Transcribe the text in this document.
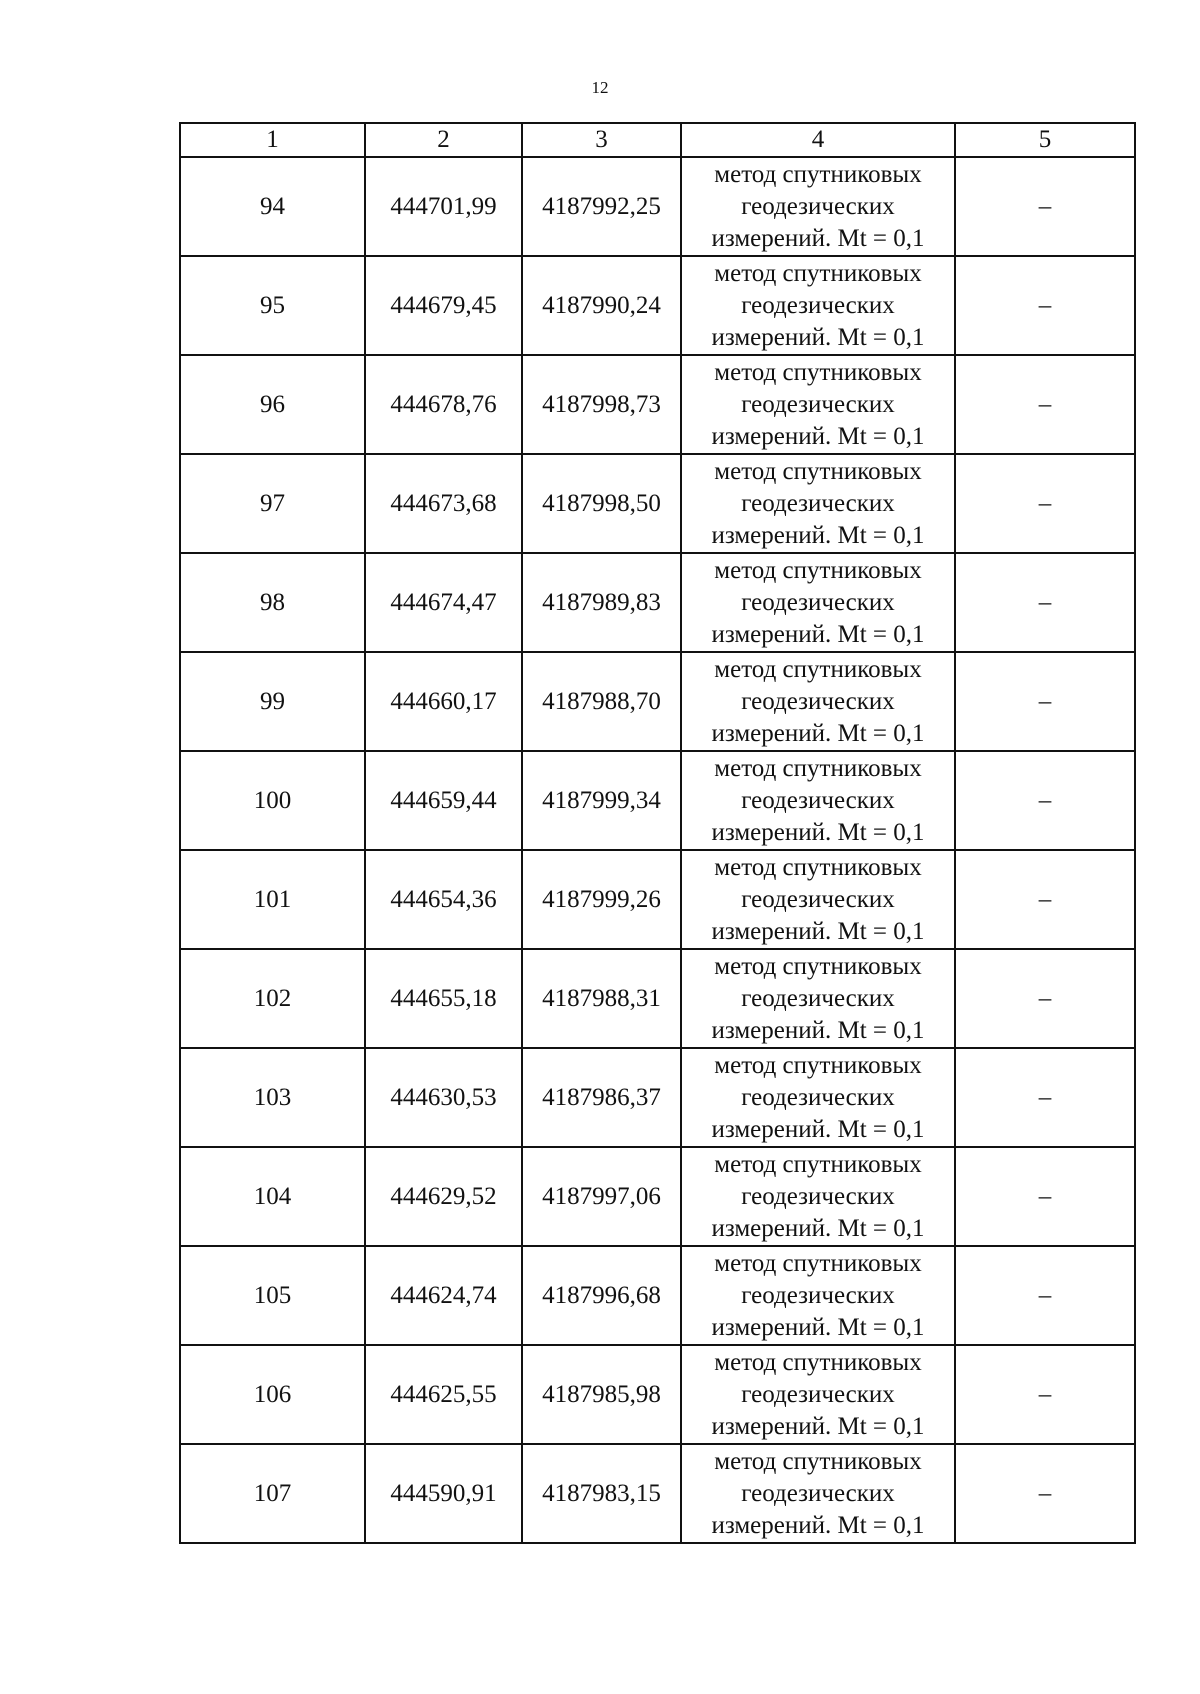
12
1	2	3	4	5
94	444701,99	4187992,25	метод спутниковых
геодезических
измерений. Mt = 0,1	–
95	444679,45	4187990,24	метод спутниковых
геодезических
измерений. Mt = 0,1	–
96	444678,76	4187998,73	метод спутниковых
геодезических
измерений. Mt = 0,1	–
97	444673,68	4187998,50	метод спутниковых
геодезических
измерений. Mt = 0,1	–
98	444674,47	4187989,83	метод спутниковых
геодезических
измерений. Mt = 0,1	–
99	444660,17	4187988,70	метод спутниковых
геодезических
измерений. Mt = 0,1	–
100	444659,44	4187999,34	метод спутниковых
геодезических
измерений. Mt = 0,1	–
101	444654,36	4187999,26	метод спутниковых
геодезических
измерений. Mt = 0,1	–
102	444655,18	4187988,31	метод спутниковых
геодезических
измерений. Mt = 0,1	–
103	444630,53	4187986,37	метод спутниковых
геодезических
измерений. Mt = 0,1	–
104	444629,52	4187997,06	метод спутниковых
геодезических
измерений. Mt = 0,1	–
105	444624,74	4187996,68	метод спутниковых
геодезических
измерений. Mt = 0,1	–
106	444625,55	4187985,98	метод спутниковых
геодезических
измерений. Mt = 0,1	–
107	444590,91	4187983,15	метод спутниковых
геодезических
измерений. Mt = 0,1	–
